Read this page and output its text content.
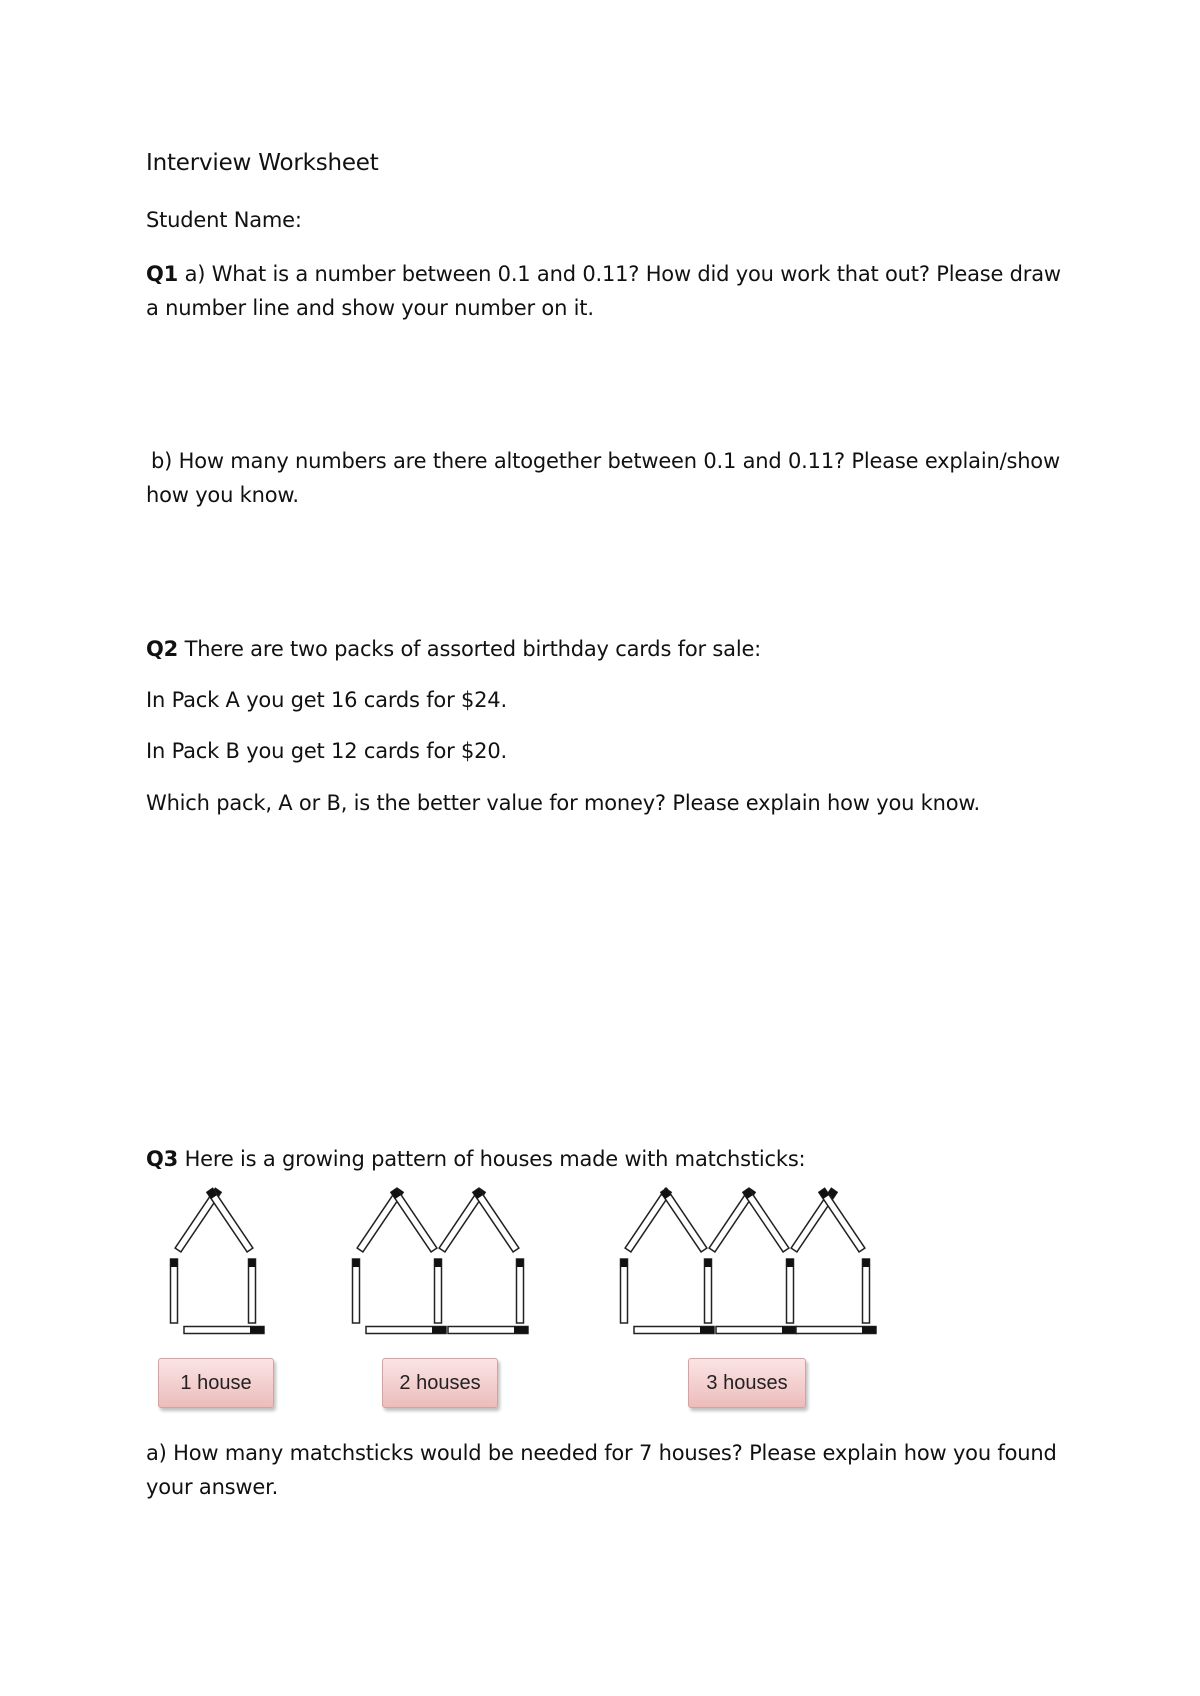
Interview Worksheet
Student Name:
Q1 a) What is a number between 0.1 and 0.11? How did you work that out? Please draw
a number line and show your number on it.
b) How many numbers are there altogether between 0.1 and 0.11? Please explain/show
how you know.
Q2 There are two packs of assorted birthday cards for sale:
In Pack A you get 16 cards for $24.
In Pack B you get 12 cards for $20.
Which pack, A or B, is the better value for money? Please explain how you know.
Q3 Here is a growing pattern of houses made with matchsticks:
1 house	2 houses	3 houses
a) How many matchsticks would be needed for 7 houses? Please explain how you found
your answer.
